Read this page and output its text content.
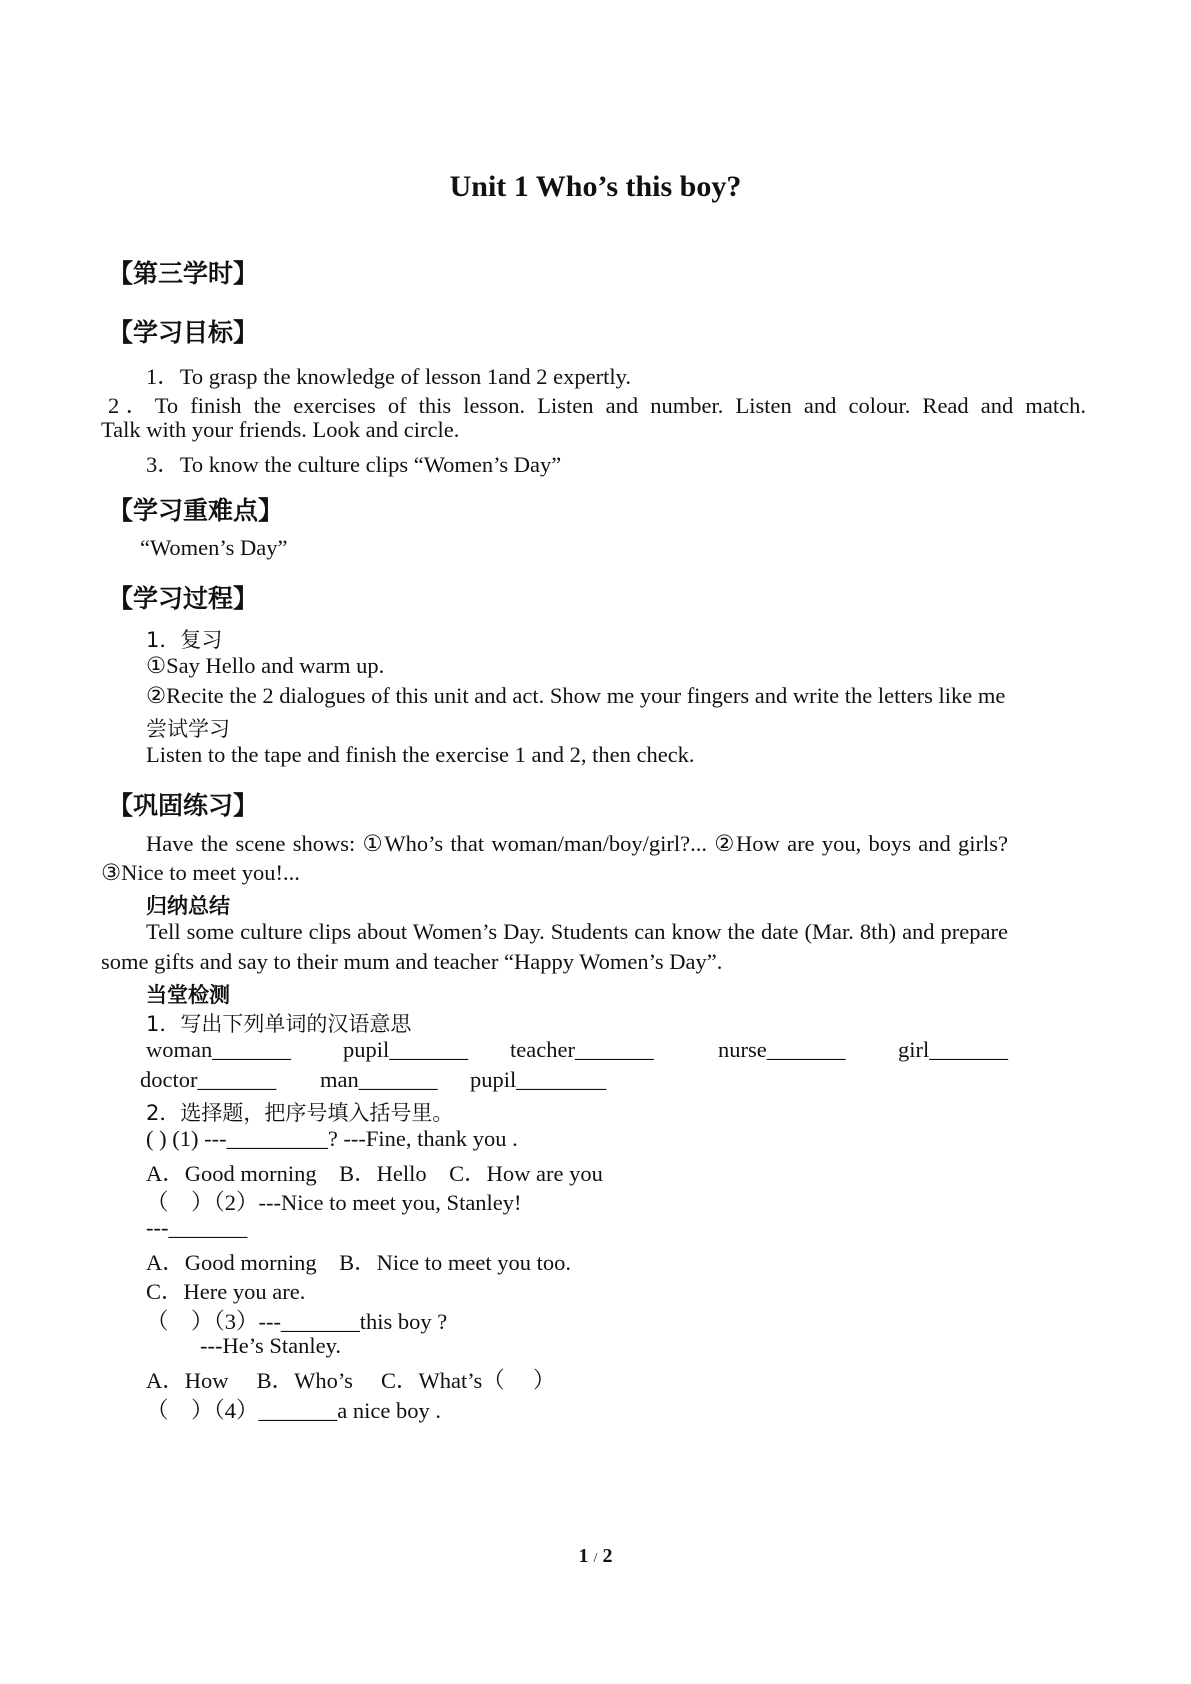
Unit 1 Who’s this boy?
【第三学时】
【学习目标】
1．To grasp the knowledge of lesson 1and 2 expertly.
2．To finish the exercises of this lesson. Listen and number. Listen and colour. Read and match.
Talk with your friends. Look and circle.
3．To know the culture clips “Women’s Day”
【学习重难点】
“Women’s Day”
【学习过程】
1．复习
①Say Hello and warm up.
②Recite the 2 dialogues of this unit and act. Show me your fingers and write the letters like me
尝试学习
Listen to the tape and finish the exercise 1 and 2, then check.
【巩固练习】
Have the scene shows: ①Who’s that woman/man/boy/girl?... ②How are you, boys and girls?
③Nice to meet you!...
归纳总结
Tell some culture clips about Women’s Day. Students can know the date (Mar. 8th) and prepare
some gifts and say to their mum and teacher “Happy Women’s Day”.
当堂检测
1．写出下列单词的汉语意思
woman_______ pupil_______ teacher_______	nurse_______ girl_______
doctor_______ man_______ pupil________
2．选择题，把序号填入括号里。
( ) (1) ---_________? ---Fine, thank you .
A．Good morning　B．Hello　C．How are you
（　）（2）---Nice to meet you, Stanley!
---_______
A．Good morning　B．Nice to meet you too.
C．Here you are.
（　）（3）---_______this boy ?
---He’s Stanley.
A．How　 B．Who’s　 C．What’s（　 ）
（　）（4）_______a nice boy .
1 / 2
